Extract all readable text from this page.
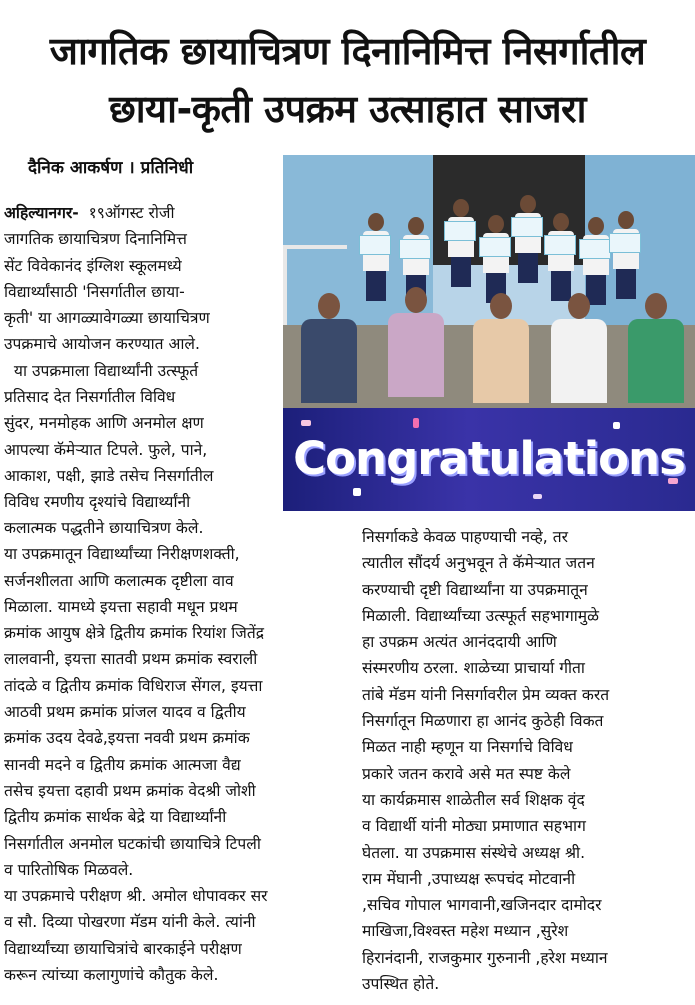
जागतिक छायाचित्रण दिनानिमित्त निसर्गातील
छाया-कृती उपक्रम उत्साहात साजरा
दैनिक आकर्षण । प्रतिनिधी

अहिल्यानगर- १९ऑगस्ट रोजी

जागतिक छायाचित्रण दिनानिमित्त

सेंट विवेकानंद इंग्लिश स्कूलमध्ये

विद्यार्थ्यांसाठी 'निसर्गातील छाया-

कृती' या आगळ्यावेगळ्या छायाचित्रण

उपक्रमाचे आयोजन करण्यात आले.

या उपक्रमाला विद्यार्थ्यांनी उत्स्फूर्त

प्रतिसाद देत निसर्गातील विविध

सुंदर, मनमोहक आणि अनमोल क्षण

आपल्या कॅमेऱ्यात टिपले. फुले, पाने,

आकाश, पक्षी, झाडे तसेच निसर्गातील

विविध रमणीय दृश्यांचे विद्यार्थ्यांनी

कलात्मक पद्धतीने छायाचित्रण केले.

या उपक्रमातून विद्यार्थ्यांच्या निरीक्षणशक्ती,

सर्जनशीलता आणि कलात्मक दृष्टीला वाव

मिळाला. यामध्ये इयत्ता सहावी मधून प्रथम

क्रमांक आयुष क्षेत्रे द्वितीय क्रमांक रियांश जितेंद्र

लालवानी, इयत्ता सातवी प्रथम क्रमांक स्वराली

तांदळे व द्वितीय क्रमांक विधिराज सेंगल, इयत्ता

आठवी प्रथम क्रमांक प्रांजल यादव व द्वितीय

क्रमांक उदय देवढे,इयत्ता नववी प्रथम क्रमांक

सानवी मदने व द्वितीय क्रमांक आत्मजा वैद्य

तसेच इयत्ता दहावी प्रथम क्रमांक वेदश्री जोशी

द्वितीय क्रमांक सार्थक बेद्रे या विद्यार्थ्यांनी

निसर्गातील अनमोल घटकांची छायाचित्रे टिपली

व पारितोषिक मिळवले.

या उपक्रमाचे परीक्षण श्री. अमोल धोपावकर सर

व सौ. दिव्या पोखरणा मॅडम यांनी केले. त्यांनी

विद्यार्थ्यांच्या छायाचित्रांचे बारकाईने परीक्षण

करून त्यांच्या कलागुणांचे कौतुक केले.

निसर्गाकडे केवळ पाहण्याची नव्हे, तर

त्यातील सौंदर्य अनुभवून ते कॅमेऱ्यात जतन

करण्याची दृष्टी विद्यार्थ्यांना या उपक्रमातून

मिळाली. विद्यार्थ्यांच्या उत्स्फूर्त सहभागामुळे

हा उपक्रम अत्यंत आनंददायी आणि

संस्मरणीय ठरला. शाळेच्या प्राचार्या गीता

तांबे मॅडम यांनी निसर्गावरील प्रेम व्यक्त करत

निसर्गातून मिळणारा हा आनंद कुठेही विकत

मिळत नाही म्हणून या निसर्गाचे विविध

प्रकारे जतन करावे असे मत स्पष्ट केले

या कार्यक्रमास शाळेतील सर्व शिक्षक वृंद

व विद्यार्थी यांनी मोठ्या प्रमाणात सहभाग

घेतला. या उपक्रमास संस्थेचे अध्यक्ष श्री.

राम मेंघानी ,उपाध्यक्ष रूपचंद मोटवानी

,सचिव गोपाल भागवानी,खजिनदार दामोदर

माखिजा,विश्वस्त महेश मध्यान ,सुरेश

हिरानंदानी, राजकुमार गुरुनानी ,हरेश मध्यान

उपस्थित होते.

Congratulations
